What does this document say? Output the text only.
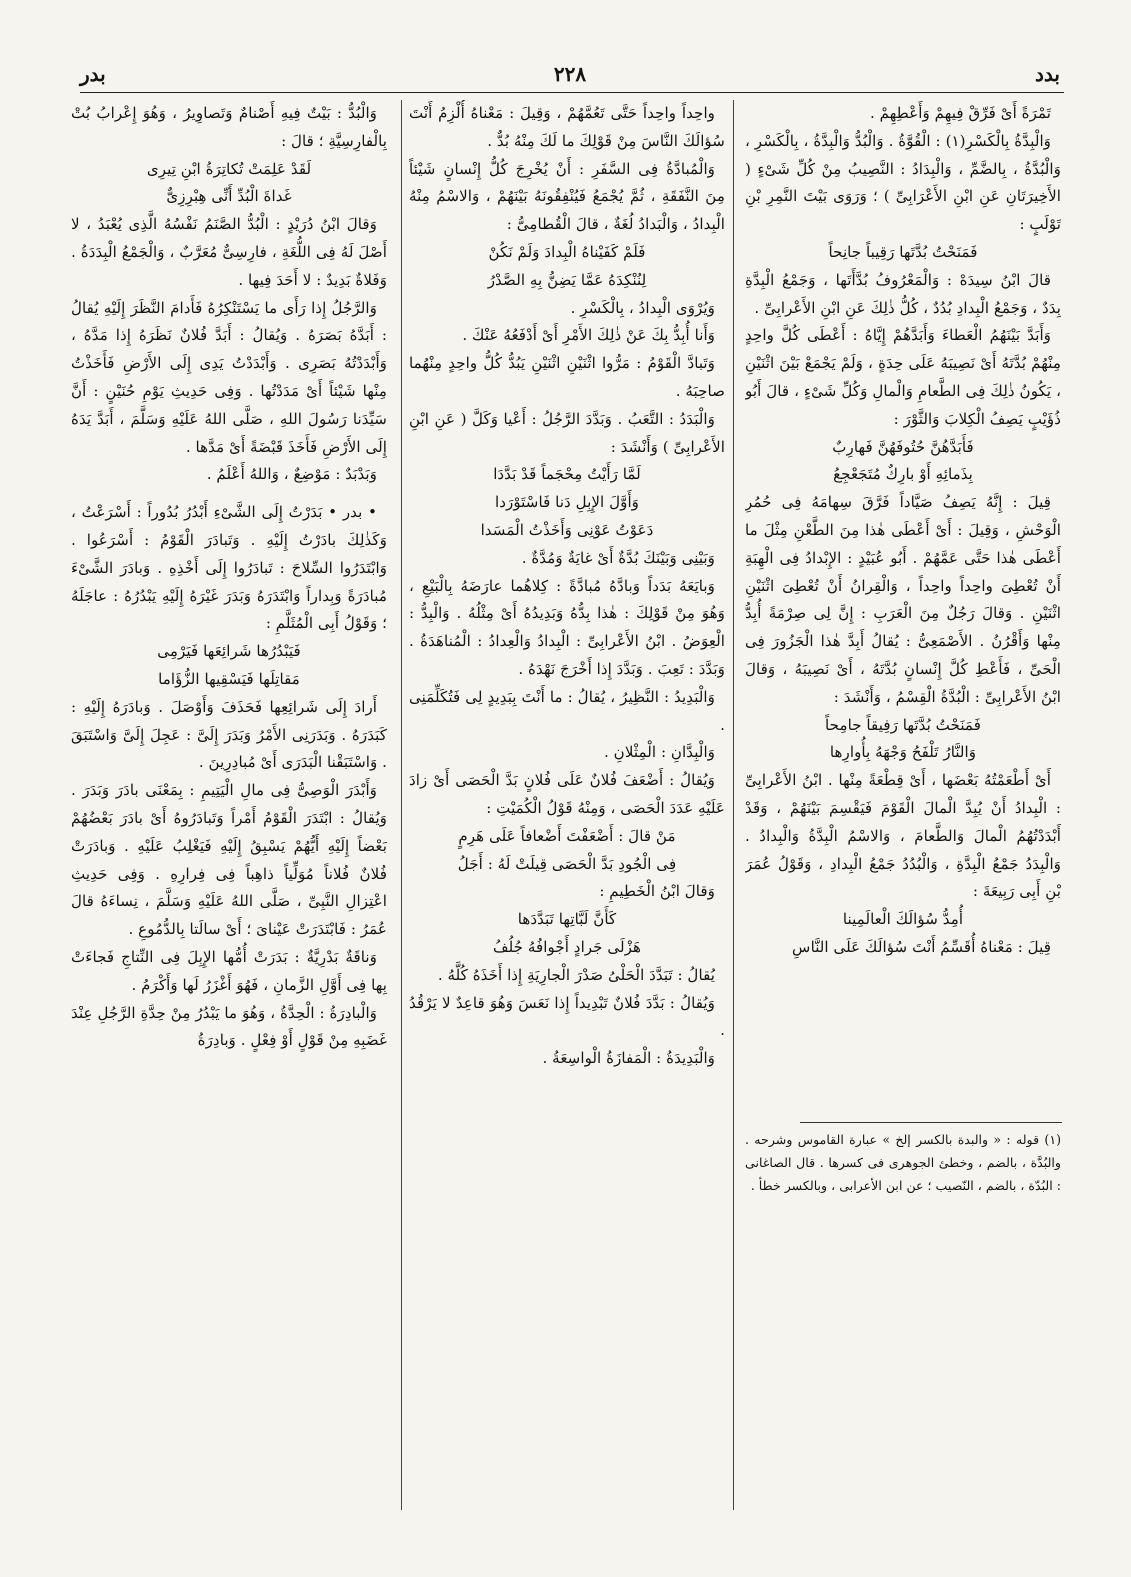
بدد
٢٢٨
بدر

تَمْرَةً أَىْ فَرِّقْ فِيهِمْ وَأَعْطِهِمْ .

وَالْبِدَّةُ بِالْكَسْرِ(١) : الْقُوَّةُ . وَالْبُدُّ وَالْبِدَّةُ ، بِالْكَسْرِ ، وَالْبُدَّةُ ، بِالضَّمِّ ، وَالْبِدَادُ : النَّصِيبُ مِنْ كُلِّ شَىْءٍ ( الأَخِيرَتَانِ عَنِ ابْنِ الأَعْرَابِىِّ ) ؛ وَرَوَى بَيْتَ النَّمِرِ بْنِ تَوْلَبٍ :

فَمَنَحْتُ بُدَّتَها رَقِيباً جانِحاً

قالَ ابْنُ سِيدَهْ : وَالْمَعْرُوفُ بُدَّأَتَها ، وَجَمْعُ الْبِدَّةِ بِدَدٌ ، وَجَمْعُ الْبِدادِ بُدُدٌ ، كُلُّ ذٰلِكَ عَنِ ابْنِ الأَعْرابِىِّ .

وَأَبَدَّ بَيْنَهُمُ الْعَطاءَ وَأَبَدَّهُمْ إِيَّاهُ : أَعْطَى كُلَّ واحِدٍ مِنْهُمْ بُدَّتَهُ أَىْ نَصِيبَهُ عَلَى حِدَةٍ ، وَلَمْ يَجْمَعْ بَيْنَ اثْنَيْنِ ، يَكُونُ ذٰلِكَ فِى الطَّعامِ وَالْمالِ وَكُلِّ شَىْءٍ ، قالَ أَبُو ذُؤَيْبٍ يَصِفُ الْكِلابَ وَالثَّوْرَ :

فَأَبَدَّهُنَّ حُتُوفَهُنَّ فَهارِبٌ

بِذَمائِهِ أَوْ بارِكٌ مُتَجَعْجِعُ

قِيلَ : إِنَّهُ يَصِفُ صَيَّاداً فَرَّقَ سِهامَهُ فِى حُمُرِ الْوَحْشِ ، وَقِيلَ : أَىْ أَعْطَى هٰذا مِنَ الطَّعْنِ مِثْلَ ما أَعْطَى هٰذا حَتَّى عَمَّهُمْ . أَبُو عُبَيْدٍ : الإِبْدادُ فِى الْهِبَةِ أَنْ تُعْطِىَ واحِداً واحِداً ، وَالْقِرانُ أَنْ تُعْطِىَ اثْنَيْنِ اثْنَيْنِ . وَقالَ رَجُلٌ مِنَ الْعَرَبِ : إِنَّ لِى صِرْمَةً أُبِدُّ مِنْها وَأَقْرُنُ . الأَصْمَعِىُّ : يُقالُ أَبِدَّ هٰذا الْجَزُورَ فِى الْحَىِّ ، فَأَعْطِ كُلَّ إِنْسانٍ بُدَّتَهُ ، أَىْ نَصِيبَهُ ، وَقالَ ابْنُ الأَعْرابِىِّ : الْبُدَّةُ الْقِسْمُ ، وَأَنْشَدَ :

فَمَنَحْتُ بُدَّتَها رَفِيقاً جامِحاً

وَالنَّارُ تَلْفَحُ وَجْهَهُ بِأُوارِها

أَىْ أَطْعَمْتُهُ بَعْضَها ، أَىْ قِطْعَةً مِنْها . ابْنُ الأَعْرابِىِّ : الْبِدادُ أَنْ يُبِدَّ الْمالَ الْقَوْمَ فَيَقْسِمَ بَيْنَهُمْ ، وَقَدْ أَبْدَدْتُهُمُ الْمالَ وَالطَّعامَ ، وَالاسْمُ الْبِدَّةُ وَالْبِدادُ . وَالْبِدَدُ جَمْعُ الْبِدَّةِ ، وَالْبُدُدُ جَمْعُ الْبِدادِ ، وَقَوْلُ عُمَرَ بْنِ أَبِى رَبِيعَةَ :

أُمِدُّ سُؤالَكَ الْعالَمِينا

قِيلَ : مَعْناهُ أُقَسِّمُ أَنْتَ سُؤالَكَ عَلَى النَّاسِ

واحِداً واحِداً حَتَّى تَعُمَّهُمْ ، وَقِيلَ : مَعْناهُ أُلْزِمُ أَنْتَ سُؤالَكَ النَّاسَ مِنْ قَوْلِكَ ما لَكَ مِنْهُ بُدٌّ .

وَالْمُبادَّةُ فِى السَّفَرِ : أَنْ يُخْرِجَ كُلُّ إِنْسانٍ شَيْئاً مِنَ النَّفَقَةِ ، ثُمَّ يُجْمَعُ فَيُنْفِقُونَهُ بَيْنَهُمْ ، وَالاسْمُ مِنْهُ الْبِدادُ ، وَالْبَدادُ لُغَةٌ ، قالَ الْقُطامِىُّ :

فَلَمْ كَفَيْناهُ الْبِدادَ وَلَمْ نَكُنْ

لِنُنْكِدَهُ عَمَّا يَضِنُّ بِهِ الصَّدْرُ

وَيُرْوَى الْبِدادُ ، بِالْكَسْرِ .

وَأَنا أُبِدُّ بِكَ عَنْ ذٰلِكَ الأَمْرِ أَىْ أَدْفَعُهُ عَنْكَ .

وَتَبادَّ الْقَوْمُ : مَرُّوا اثْنَيْنِ اثْنَيْنِ يَبُدُّ كُلُّ واحِدٍ مِنْهُما صاحِبَهُ .

وَالْبَدَدُ : التَّعَبُ . وَبَدَّدَ الرَّجُلُ : أَعْيا وَكَلَّ ( عَنِ ابْنِ الأَعْرابِىِّ ) وَأَنْشَدَ :

لَمَّا رَأَيْتُ مِحْجَماً قَدْ بَدَّدَا

وَأَوَّلَ الإِبِلِ دَنا فَاسْتَوْرَدا

دَعَوْتُ عَوْنِى وَأَخَذْتُ الْمَسَدا

وَبَيْنِى وَبَيْنَكَ بُدَّةٌ أَىْ غايَةٌ وَمُدَّةٌ .

وَبايَعَهُ بَدَداً وَبادَّهُ مُبادَّةً : كِلاهُما عارَضَهُ بِالْبَيْعِ ، وَهُوَ مِنْ قَوْلِكَ : هٰذا بِدُّهُ وَبَدِيدُهُ أَىْ مِثْلُهُ . وَالْبِدُّ : الْعِوَضُ . ابْنُ الأَعْرابِىِّ : الْبِدادُ وَالْعِدادُ : الْمُناهَدَةُ . وَبَدَّدَ : تَعِبَ . وَبَدَّدَ إِذا أَخْرَجَ نَهْدَهُ .

وَالْبَدِيدُ : النَّظِيرُ ، يُقالُ : ما أَنْتَ بِبَدِيدٍ لِى فَتُكَلِّمَنِى .

وَالْبِدَّانِ : الْمِثْلانِ .

وَيُقالُ : أَضْعَفَ فُلانٌ عَلَى فُلانٍ بَدَّ الْحَصَى أَىْ زادَ عَلَيْهِ عَدَدَ الْحَصَى ، وَمِنْهُ قَوْلُ الْكُمَيْتِ :

مَنْ قالَ : أَضْعَفْتَ أَضْعافاً عَلَى هَرِمٍ

فِى الْجُودِ بَدَّ الْحَصَى قِيلَتْ لَهُ : أَجَلُ

وَقالَ ابْنُ الْخَطِيمِ :

كَأَنَّ لَبَّاتِها تَبَدَّدَها

هَزْلَى جَرادٍ أَجْوافُهُ جُلُفُ

يُقالُ : تَبَدَّدَ الْحَلْىُ صَدْرَ الْجارِيَةِ إِذا أَخَذَهُ كُلَّهُ .

وَيُقالُ : بَدَّدَ فُلانٌ تَبْدِيداً إِذا نَعَسَ وَهُوَ قاعِدٌ لا يَرْقُدُ .

وَالْبَدِيدَةُ : الْمَفازَةُ الْواسِعَةُ .

وَالْبُدُّ : بَيْتٌ فِيهِ أَصْنامٌ وَتَصاوِيرُ ، وَهُوَ إِعْرابُ بُتْ بِالْفارِسِيَّةِ ؛ قالَ :

لَقَدْ عَلِمَتْ تُكاتِرَةُ ابْنِ تِيرِى

غَداةَ الْبُدِّ أَنِّى هِبْرِزِىٌّ

وَقالَ ابْنُ دُرَيْدٍ : الْبُدُّ الصَّنَمُ نَفْسُهُ الَّذِى يُعْبَدُ ، لا أَصْلَ لَهُ فِى اللُّغَةِ ، فارِسِىٌّ مُعَرَّبٌ ، وَالْجَمْعُ الْبِدَدَةُ . وَفَلاةٌ بَدِيدٌ : لا أَحَدَ فِيها .

وَالرَّجُلُ إِذا رَأَى ما يَسْتَنْكِرُهُ فَأَدامَ النَّظَرَ إِلَيْهِ يُقالُ : أَبَدَّهُ بَصَرَهُ . وَيُقالُ : أَبَدَّ فُلانٌ نَظَرَهُ إِذا مَدَّهُ ، وَأَبْدَدْتُهُ بَصَرِى . وَأَبْدَدْتُ يَدِى إِلَى الأَرْضِ فَأَخَذْتُ مِنْها شَيْئاً أَىْ مَدَدْتُها . وَفِى حَدِيثِ يَوْمِ حُنَيْنٍ : أَنَّ سَيِّدَنا رَسُولَ اللهِ ، صَلَّى اللهُ عَلَيْهِ وَسَلَّمَ ، أَبَدَّ يَدَهُ إِلَى الأَرْضِ فَأَخَذَ قَبْضَةً أَىْ مَدَّها .

وَبَدْبَدٌ : مَوْضِعٌ ، وَاللهُ أَعْلَمُ .

• بدر • بَدَرْتُ إِلَى الشَّىْءِ أَبْدُرُ بُدُوراً : أَسْرَعْتُ ، وَكَذٰلِكَ بادَرْتُ إِلَيْهِ . وَتَبادَرَ الْقَوْمُ : أَسْرَعُوا . وَابْتَدَرُوا السِّلاحَ : تَبادَرُوا إِلَى أَخْذِهِ . وَبادَرَ الشَّىْءَ مُبادَرَةً وَبِداراً وَابْتَدَرَهُ وَبَدَرَ غَيْرَهُ إِلَيْهِ يَبْدُرُهُ : عاجَلَهُ ؛ وَقَوْلُ أَبِى الْمُثَلَّمِ :

فَيَبْدُرُها شَرائِعَها فَيَرْمِى

مَقاتِلَها فَيَسْقِيها الزُّؤَاما

أَرادَ إِلَى شَرائِعِها فَحَذَفَ وَأَوْصَلَ . وَبادَرَهُ إِلَيْهِ : كَبَدَرَهُ . وَبَدَرَنِى الأَمْرُ وَبَدَرَ إِلَىَّ : عَجِلَ إِلَىَّ وَاسْتَبَقَ . وَاسْتَبَقْنا الْبَدَرَى أَىْ مُبادِرِينَ .

وَأَبْدَرَ الْوَصِىُّ فِى مالِ الْيَتِيمِ : بِمَعْنَى بادَرَ وَبَدَرَ . وَيُقالُ : ابْتَدَرَ الْقَوْمُ أَمْراً وَتَبادَرُوهُ أَىْ بادَرَ بَعْضُهُمْ بَعْضاً إِلَيْهِ أَيُّهُمْ يَسْبِقُ إِلَيْهِ فَيَغْلِبُ عَلَيْهِ . وَبادَرَتْ فُلانٌ فُلاناً مُوَلِّياً ذاهِباً فِى فِرارِهِ . وَفِى حَدِيثِ اعْتِزالِ النَّبِىِّ ، صَلَّى اللهُ عَلَيْهِ وَسَلَّمَ ، نِساءَهُ قالَ عُمَرُ : فَابْتَدَرَتْ عَيْناىَ ؛ أَىْ سالَتا بِالدُّمُوعِ .

وَناقَةٌ بَدْرِيَّةٌ : بَدَرَتْ أُمُّها الإِبِلَ فِى النِّتاجِ فَجاءَتْ بِها فِى أَوَّلِ الزَّمانِ ، فَهُوَ أَغْزَرُ لَها وَأَكْرَمُ .

وَالْبادِرَةُ : الْحِدَّةُ ، وَهُوَ ما يَبْدُرُ مِنْ حِدَّةِ الرَّجُلِ عِنْدَ غَضَبِهِ مِنْ قَوْلٍ أَوْ فِعْلٍ . وَبادِرَةُ

(١) قوله : « والبدة بالكسر إلخ » عبارة القاموس وشرحه . والبُدَّة ، بالضم ، وخطئ الجوهرى فى كسرها . قال الصاغانى : البُدّة ، بالضم ، النّصيب ؛ عن ابن الأعرابى ، وبالكسر خطأ .
